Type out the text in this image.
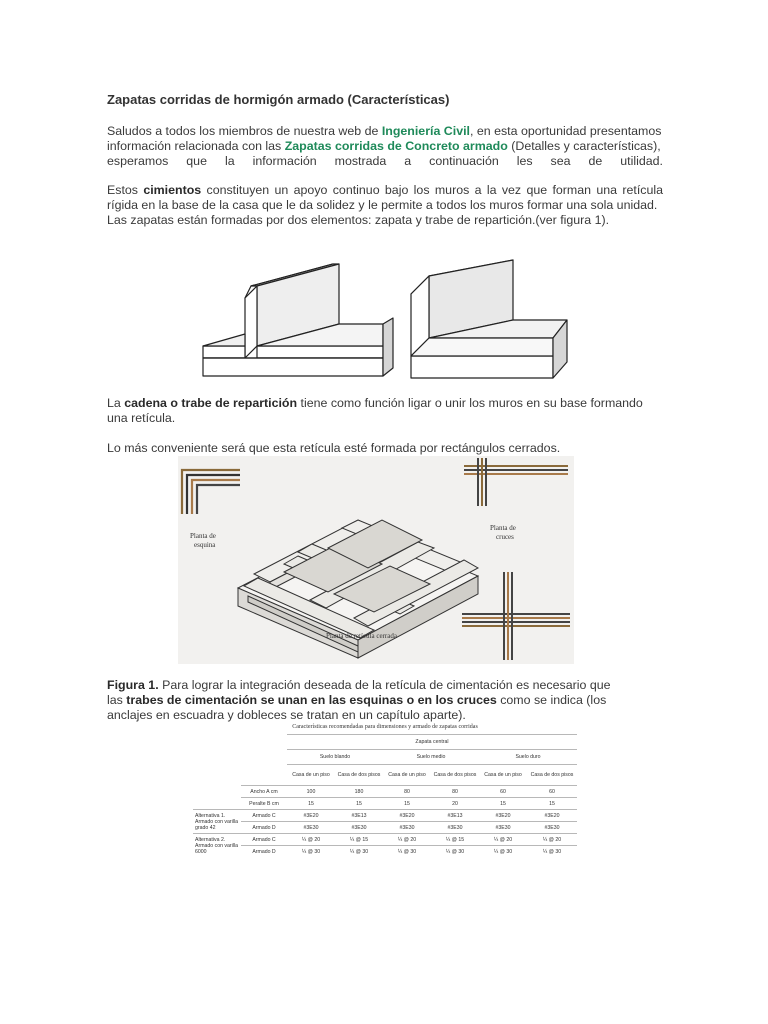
Zapatas corridas de hormigón armado (Características)
Saludos a todos los miembros de nuestra web de Ingeniería Civil, en esta oportunidad presentamos
información relacionada con las Zapatas corridas de Concreto armado (Detalles y características),
esperamos que la información mostrada a continuación les sea de utilidad.
Estos cimientos constituyen un apoyo continuo bajo los muros a la vez que forman una retícula
rígida en la base de la casa que le da solidez y le permite a todos los muros formar una sola unidad.
Las zapatas están formadas por dos elementos: zapata y trabe de repartición.(ver figura 1).
La cadena o trabe de repartición tiene como función ligar o unir los muros en su base formando
una retícula.
Lo más conveniente será que esta retícula esté formada por rectángulos cerrados.
Planta de
esquina
Planta de
cruces
Planta de retícula cerrada
Figura 1. Para lograr la integración deseada de la retícula de cimentación es necesario que
las trabes de cimentación se unan en las esquinas o en los cruces como se indica (los
anclajes en escuadra y dobleces se tratan en un capítulo aparte).
Características recomendadas para dimensiones y armado de zapatas corridas
		Zapata central					
		Suelo blando		Suelo medio		Suelo duro	
		Casa de un piso	Casa de dos pisos	Casa de un piso	Casa de dos pisos	Casa de un piso	Casa de dos pisos
	Ancho A cm	100	180	80	80	60	60
	Peralte B cm	15	15	15	20	15	15
Alternativa 1. Armado con varilla grado 42	Armado C	#3E20	#3E13	#3E20	#3E13	#3E20	#3E20
	Armado D	#3E30	#3E30	#3E30	#3E30	#3E30	#3E30
Alternativa 2. Armado con varilla 6000	Armado C	¼ @ 20	¼ @ 15	¼ @ 20	¼ @ 15	¼ @ 20	¼ @ 20
	Armado D	¼ @ 30	¼ @ 30	¼ @ 30	¼ @ 30	¼ @ 30	¼ @ 30
